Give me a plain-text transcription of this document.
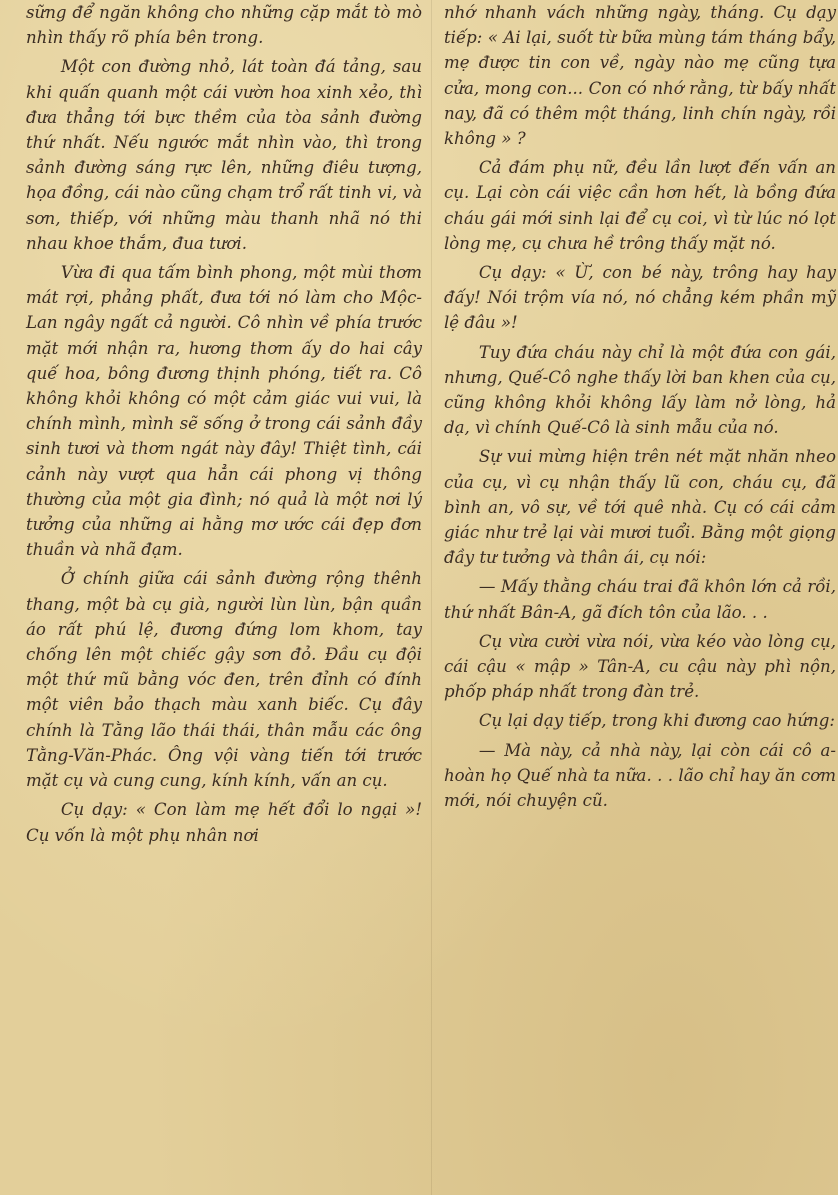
sững để ngăn không cho những cặp mắt tò mò nhìn thấy rõ phía bên trong.

Một con đường nhỏ, lát toàn đá tảng, sau khi quấn quanh một cái vườn hoa xinh xẻo, thì đưa thẳng tới bực thềm của tòa sảnh đường thứ nhất. Nếu ngước mắt nhìn vào, thì trong sảnh đường sáng rực lên, những điêu tượng, họa đồng, cái nào cũng chạm trổ rất tinh vi, và sơn, thiếp, với những màu thanh nhã nó thi nhau khoe thắm, đua tươi.

Vừa đi qua tấm bình phong, một mùi thơm mát rợi, phảng phất, đưa tới nó làm cho Mộc-Lan ngây ngất cả người. Cô nhìn về phía trước mặt mới nhận ra, hương thơm ấy do hai cây quế hoa, bông đương thịnh phóng, tiết ra. Cô không khỏi không có một cảm giác vui vui, là chính mình, mình sẽ sống ở trong cái sảnh đầy sinh tươi và thơm ngát này đây! Thiệt tình, cái cảnh này vượt qua hẳn cái phong vị thông thường của một gia đình; nó quả là một nơi lý tưởng của những ai hằng mơ ước cái đẹp đơn thuần và nhã đạm.

Ở chính giữa cái sảnh đường rộng thênh thang, một bà cụ già, người lùn lùn, bận quần áo rất phú lệ, đương đứng lom khom, tay chống lên một chiếc gậy sơn đỏ. Đầu cụ đội một thứ mũ bằng vóc đen, trên đỉnh có đính một viên bảo thạch màu xanh biếc. Cụ đây chính là Tằng lão thái thái, thân mẫu các ông Tằng-Văn-Phác. Ông vội vàng tiến tới trước mặt cụ và cung cung, kính kính, vấn an cụ.

Cụ dạy: « Con làm mẹ hết đổi lo ngại »! Cụ vốn là một phụ nhân nơi

nhớ nhanh vách những ngày, tháng. Cụ dạy tiếp: « Ai lại, suốt từ bữa mùng tám tháng bẩy, mẹ được tin con về, ngày nào mẹ cũng tựa cửa, mong con... Con có nhớ rằng, từ bấy nhất nay, đã có thêm một tháng, linh chín ngày, rồi không » ?

Cả đám phụ nữ, đều lần lượt đến vấn an cụ. Lại còn cái việc cần hơn hết, là bồng đứa cháu gái mới sinh lại để cụ coi, vì từ lúc nó lọt lòng mẹ, cụ chưa hề trông thấy mặt nó.

Cụ dạy: « Ừ, con bé này, trông hay hay đấy! Nói trộm vía nó, nó chẳng kém phần mỹ lệ đâu »!

Tuy đứa cháu này chỉ là một đứa con gái, nhưng, Quế-Cô nghe thấy lời ban khen của cụ, cũng không khỏi không lấy làm nở lòng, hả dạ, vì chính Quế-Cô là sinh mẫu của nó.

Sự vui mừng hiện trên nét mặt nhăn nheo của cụ, vì cụ nhận thấy lũ con, cháu cụ, đã bình an, vô sự, về tới quê nhà. Cụ có cái cảm giác như trẻ lại vài mươi tuổi. Bằng một giọng đầy tư tưởng và thân ái, cụ nói:

— Mấy thằng cháu trai đã khôn lớn cả rồi, thứ nhất Bân-A, gã đích tôn của lão. . .

Cụ vừa cười vừa nói, vừa kéo vào lòng cụ, cái cậu « mập » Tân-A, cu cậu này phì nộn, phốp pháp nhất trong đàn trẻ.

Cụ lại dạy tiếp, trong khi đương cao hứng:

— Mà này, cả nhà này, lại còn cái cô a-hoàn họ Quế nhà ta nữa. . . lão chỉ hay ăn cơm mới, nói chuyện cũ.
